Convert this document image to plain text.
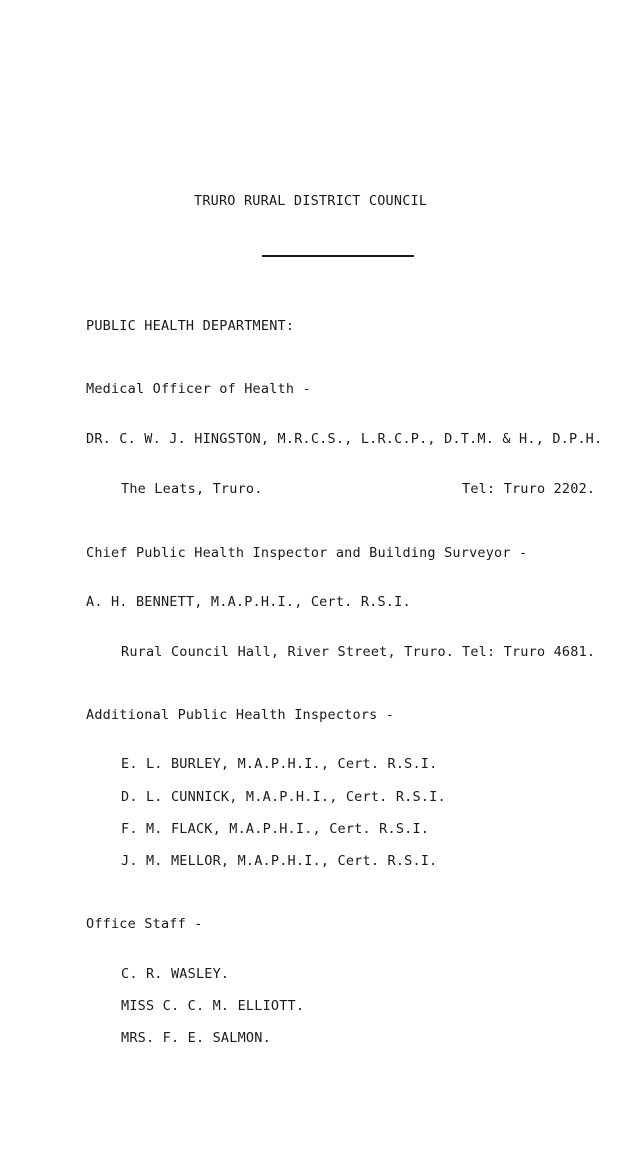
TRURO RURAL DISTRICT COUNCIL
PUBLIC HEALTH DEPARTMENT:
Medical Officer of Health -
DR. C. W. J. HINGSTON, M.R.C.S., L.R.C.P., D.T.M. & H., D.P.H.
The Leats, Truro.	Tel: Truro 2202.
Chief Public Health Inspector and Building Surveyor -
A. H. BENNETT, M.A.P.H.I., Cert. R.S.I.
Rural Council Hall, River Street, Truro. Tel: Truro 4681.
Additional Public Health Inspectors -
E. L. BURLEY, M.A.P.H.I., Cert. R.S.I.
D. L. CUNNICK, M.A.P.H.I., Cert. R.S.I.
F. M. FLACK, M.A.P.H.I., Cert. R.S.I.
J. M. MELLOR, M.A.P.H.I., Cert. R.S.I.
Office Staff -
C. R. WASLEY.
MISS C. C. M. ELLIOTT.
MRS. F. E. SALMON.
